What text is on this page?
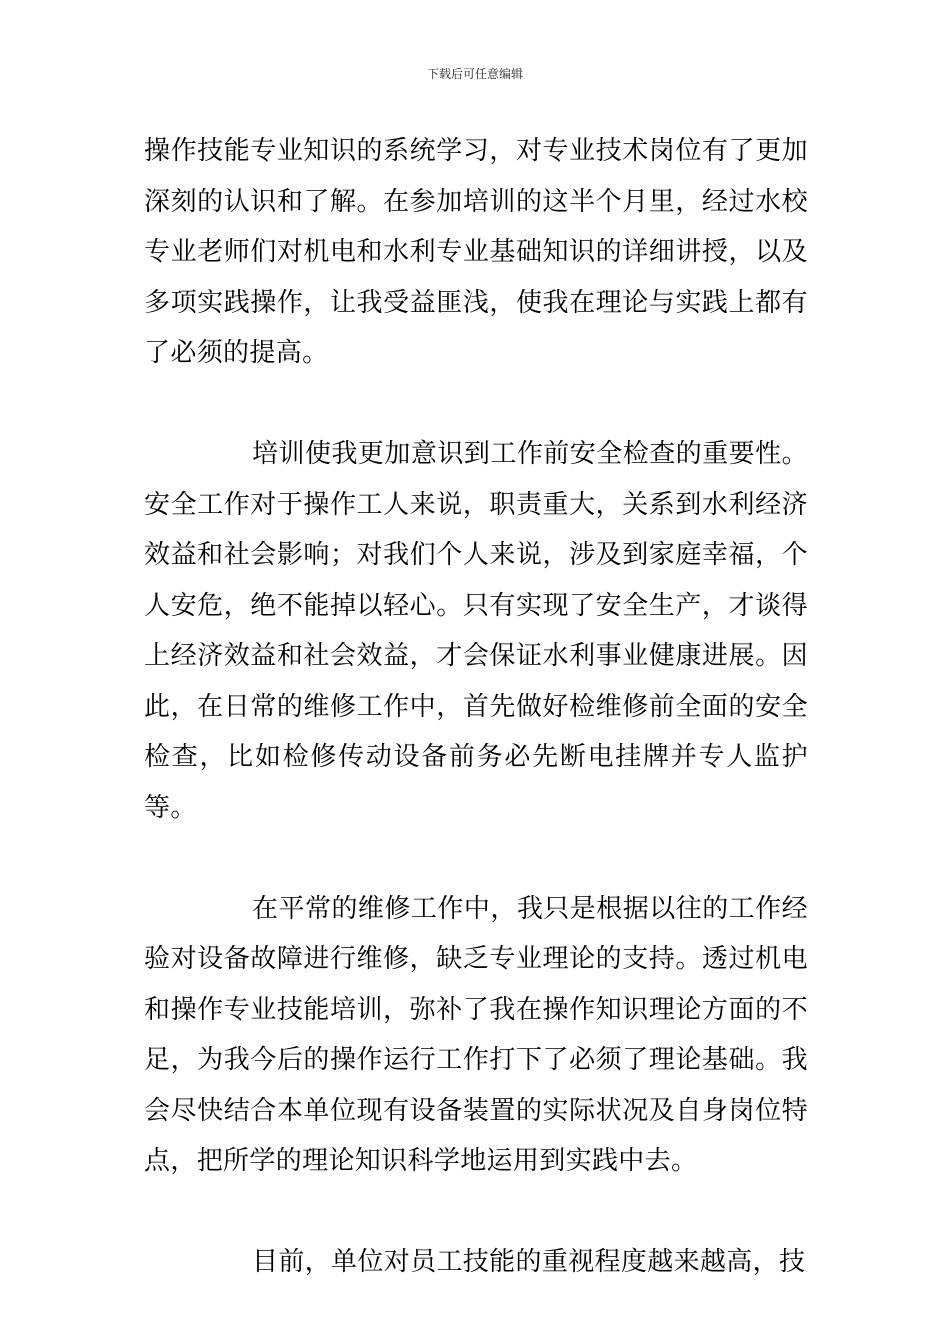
下载后可任意编辑

操作技能专业知识的系统学习，对专业技术岗位有了更加深刻的认识和了解。在参加培训的这半个月里，经过水校专业老师们对机电和水利专业基础知识的详细讲授，以及多项实践操作，让我受益匪浅，使我在理论与实践上都有了必须的提高。

培训使我更加意识到工作前安全检查的重要性。安全工作对于操作工人来说，职责重大，关系到水利经济效益和社会影响；对我们个人来说，涉及到家庭幸福，个人安危，绝不能掉以轻心。只有实现了安全生产，才谈得上经济效益和社会效益，才会保证水利事业健康进展。因此，在日常的维修工作中，首先做好检维修前全面的安全检查，比如检修传动设备前务必先断电挂牌并专人监护等。

在平常的维修工作中，我只是根据以往的工作经验对设备故障进行维修，缺乏专业理论的支持。透过机电和操作专业技能培训，弥补了我在操作知识理论方面的不足，为我今后的操作运行工作打下了必须了理论基础。我会尽快结合本单位现有设备装置的实际状况及自身岗位特点，把所学的理论知识科学地运用到实践中去。

目前，单位对员工技能的重视程度越来越高，技
